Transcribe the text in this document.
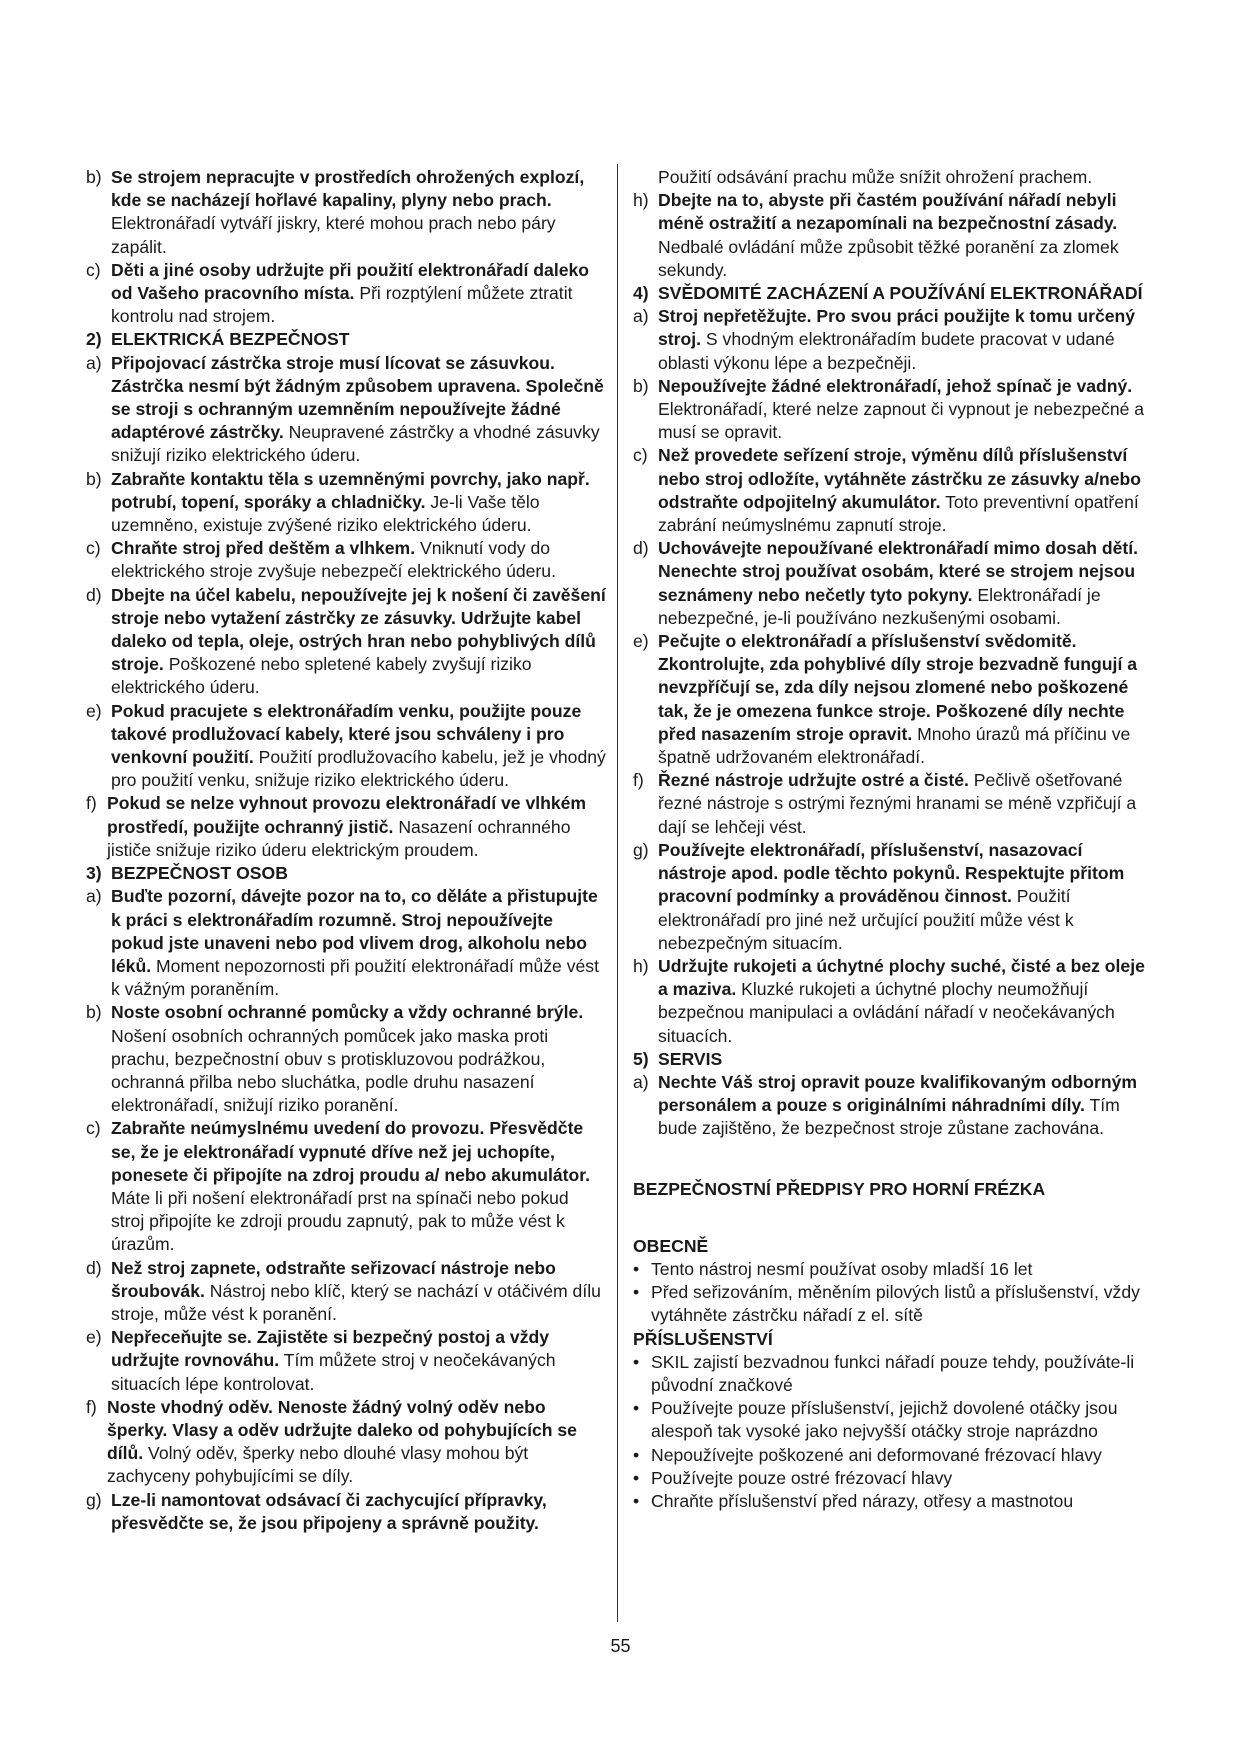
b) Se strojem nepracujte v prostředích ohrožených explozí, kde se nacházejí hořlavé kapaliny, plyny nebo prach. Elektronářadí vytváří jiskry, které mohou prach nebo páry zapálit.
c) Děti a jiné osoby udržujte při použití elektronářadí daleko od Vašeho pracovního místa. Při rozptýlení můžete ztratit kontrolu nad strojem.
2) ELEKTRICKÁ BEZPEČNOST
a) Připojovací zástrčka stroje musí lícovat se zásuvkou. Zástrčka nesmí být žádným způsobem upravena. Společně se stroji s ochranným uzemněním nepoužívejte žádné adaptérové zástrčky. Neupravené zástrčky a vhodné zásuvky snižují riziko elektrického úderu.
b) Zabraňte kontaktu těla s uzemněnými povrchy, jako např. potrubí, topení, sporáky a chladničky. Je-li Vaše tělo uzemněno, existuje zvýšené riziko elektrického úderu.
c) Chraňte stroj před deštěm a vlhkem. Vniknutí vody do elektrického stroje zvyšuje nebezpečí elektrického úderu.
d) Dbejte na účel kabelu, nepoužívejte jej k nošení či zavěšení stroje nebo vytažení zástrčky ze zásuvky. Udržujte kabel daleko od tepla, oleje, ostrých hran nebo pohyblivých dílů stroje. Poškozené nebo spletené kabely zvyšují riziko elektrického úderu.
e) Pokud pracujete s elektronářadím venku, použijte pouze takové prodlužovací kabely, které jsou schváleny i pro venkovní použití. Použití prodlužovacího kabelu, jež je vhodný pro použití venku, snižuje riziko elektrického úderu.
f) Pokud se nelze vyhnout provozu elektronářadí ve vlhkém prostředí, použijte ochranný jistič. Nasazení ochranného jističe snižuje riziko úderu elektrickým proudem.
3) BEZPEČNOST OSOB
a) Buďte pozorní, dávejte pozor na to, co děláte a přistupujte k práci s elektronářadím rozumně. Stroj nepoužívejte pokud jste unaveni nebo pod vlivem drog, alkoholu nebo léků. Moment nepozornosti při použití elektronářadí může vést k vážným poraněním.
b) Noste osobní ochranné pomůcky a vždy ochranné brýle. Nošení osobních ochranných pomůcek jako maska proti prachu, bezpečnostní obuv s protiskluzovou podrážkou, ochranná přilba nebo sluchátka, podle druhu nasazení elektronářadí, snižují riziko poranění.
c) Zabraňte neúmyslnému uvedení do provozu. Přesvědčte se, že je elektronářadí vypnuté dříve než jej uchopíte, ponesete či připojíte na zdroj proudu a/ nebo akumulátor. Máte li při nošení elektronářadí prst na spínači nebo pokud stroj připojíte ke zdroji proudu zapnutý, pak to může vést k úrazům.
d) Než stroj zapnete, odstraňte seřizovací nástroje nebo šroubovák. Nástroj nebo klíč, který se nachází v otáčivém dílu stroje, může vést k poranění.
e) Nepřeceňujte se. Zajistěte si bezpečný postoj a vždy udržujte rovnováhu. Tím můžete stroj v neočekávaných situacích lépe kontrolovat.
f) Noste vhodný oděv. Nenoste žádný volný oděv nebo šperky. Vlasy a oděv udržujte daleko od pohybujících se dílů. Volný oděv, šperky nebo dlouhé vlasy mohou být zachyceny pohybujícími se díly.
g) Lze-li namontovat odsávací či zachycující přípravky, přesvědčte se, že jsou připojeny a správně použity.
Použití odsávání prachu může snížit ohrožení prachem.
h) Dbejte na to, abyste při častém používání nářadí nebyli méně ostražití a nezapomínali na bezpečnostní zásady. Nedbalé ovládání může způsobit těžké poranění za zlomek sekundy.
4) SVĚDOMITÉ ZACHÁZENÍ A POUŽÍVÁNÍ ELEKTRONÁŘADÍ
a) Stroj nepřetěžujte. Pro svou práci použijte k tomu určený stroj. S vhodným elektronářadím budete pracovat v udané oblasti výkonu lépe a bezpečněji.
b) Nepoužívejte žádné elektronářadí, jehož spínač je vadný. Elektronářadí, které nelze zapnout či vypnout je nebezpečné a musí se opravit.
c) Než provedete seřízení stroje, výměnu dílů příslušenství nebo stroj odložíte, vytáhněte zástrčku ze zásuvky a/nebo odstraňte odpojitelný akumulátor. Toto preventivní opatření zabrání neúmyslnému zapnutí stroje.
d) Uchovávejte nepoužívané elektronářadí mimo dosah dětí. Nenechte stroj používat osobám, které se strojem nejsou seznámeny nebo nečetly tyto pokyny. Elektronářadí je nebezpečné, je-li používáno nezkušenými osobami.
e) Pečujte o elektronářadí a příslušenství svědomitě. Zkontrolujte, zda pohyblivé díly stroje bezvadně fungují a nevzpříčují se, zda díly nejsou zlomené nebo poškozené tak, že je omezena funkce stroje. Poškozené díly nechte před nasazením stroje opravit. Mnoho úrazů má příčinu ve špatně udržovaném elektronářadí.
f) Řezné nástroje udržujte ostré a čisté. Pečlivě ošetřované řezné nástroje s ostrými řeznými hranami se méně vzpřičují a dají se lehčeji vést.
g) Používejte elektronářadí, příslušenství, nasazovací nástroje apod. podle těchto pokynů. Respektujte přitom pracovní podmínky a prováděnou činnost. Použití elektronářadí pro jiné než určující použití může vést k nebezpečným situacím.
h) Udržujte rukojeti a úchytné plochy suché, čisté a bez oleje a maziva. Kluzké rukojeti a úchytné plochy neumožňují bezpečnou manipulaci a ovládání nářadí v neočekávaných situacích.
5) SERVIS
a) Nechte Váš stroj opravit pouze kvalifikovaným odborným personálem a pouze s originálními náhradními díly. Tím bude zajištěno, že bezpečnost stroje zůstane zachována.
BEZPEČNOSTNÍ PŘEDPISY PRO HORNÍ FRÉZKA
OBECNĚ
• Tento nástroj nesmí používat osoby mladší 16 let
• Před seřizováním, měněním pilových listů a příslušenství, vždy vytáhněte zástrčku nářadí z el. sítě
PŘÍSLUŠENSTVÍ
• SKIL zajistí bezvadnou funkci nářadí pouze tehdy, používáte-li původní značkové
• Používejte pouze příslušenství, jejichž dovolené otáčky jsou alespoň tak vysoké jako nejvyšší otáčky stroje naprázdno
• Nepoužívejte poškozené ani deformované frézovací hlavy
• Používejte pouze ostré frézovací hlavy
• Chraňte příslušenství před nárazy, otřesy a mastnotou
55
